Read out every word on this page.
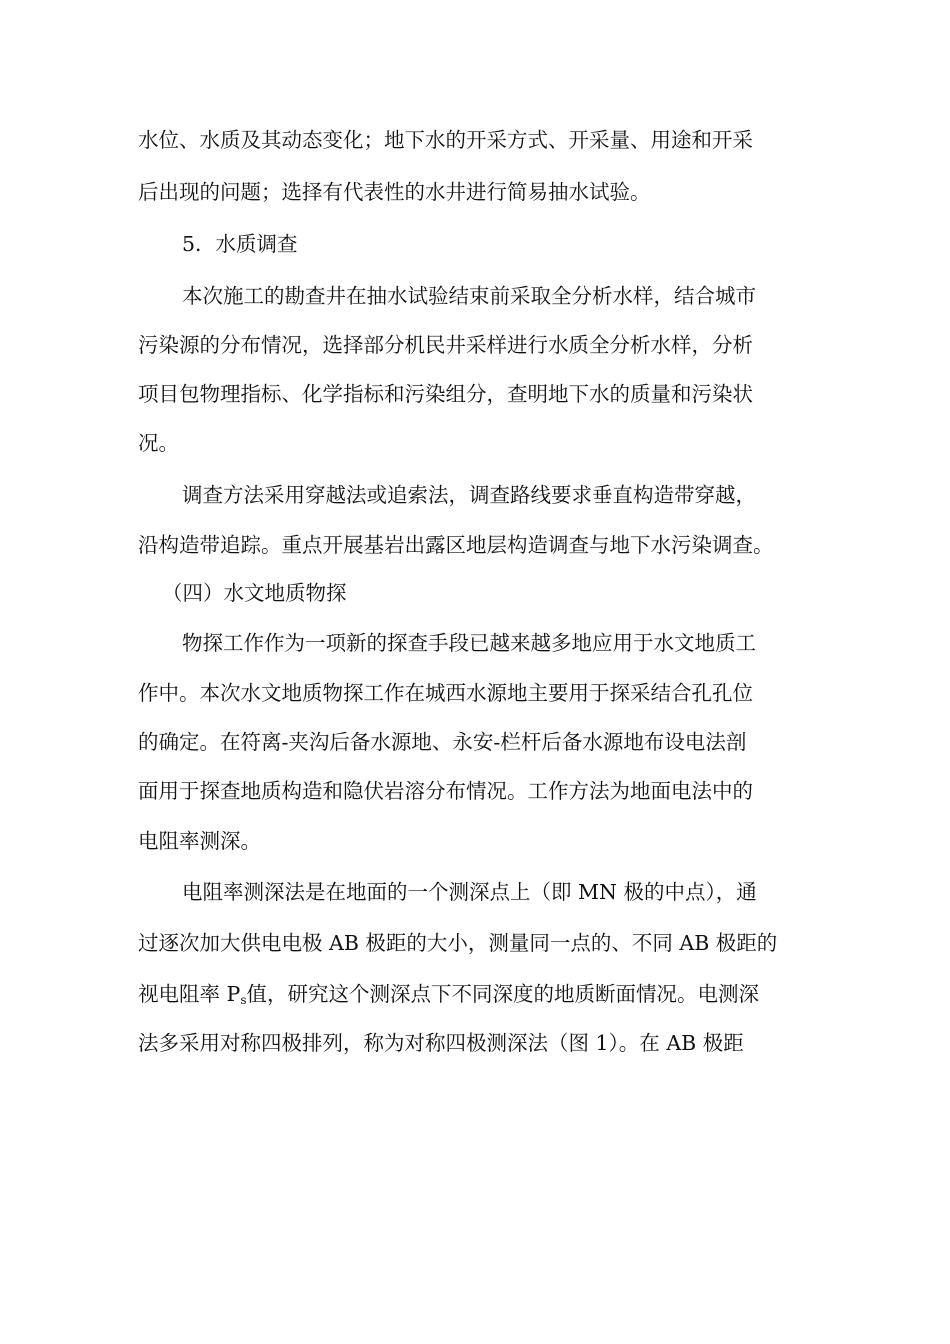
水位、水质及其动态变化；地下水的开采方式、开采量、用途和开采
后出现的问题；选择有代表性的水井进行简易抽水试验。
5．水质调查
本次施工的勘查井在抽水试验结束前采取全分析水样，结合城市
污染源的分布情况，选择部分机民井采样进行水质全分析水样，分析
项目包物理指标、化学指标和污染组分，查明地下水的质量和污染状
况。
调查方法采用穿越法或追索法，调查路线要求垂直构造带穿越，
沿构造带追踪。重点开展基岩出露区地层构造调查与地下水污染调查。
（四）水文地质物探
物探工作作为一项新的探查手段已越来越多地应用于水文地质工
作中。本次水文地质物探工作在城西水源地主要用于探采结合孔孔位
的确定。在符离-夹沟后备水源地、永安-栏杆后备水源地布设电法剖
面用于探查地质构造和隐伏岩溶分布情况。工作方法为地面电法中的
电阻率测深。
电阻率测深法是在地面的一个测深点上（即 MN 极的中点），通
过逐次加大供电电极 AB 极距的大小，测量同一点的、不同 AB 极距的
视电阻率 $P_s$值，研究这个测深点下不同深度的地质断面情况。电测深
法多采用对称四极排列，称为对称四极测深法（图 1）。在 AB 极距
